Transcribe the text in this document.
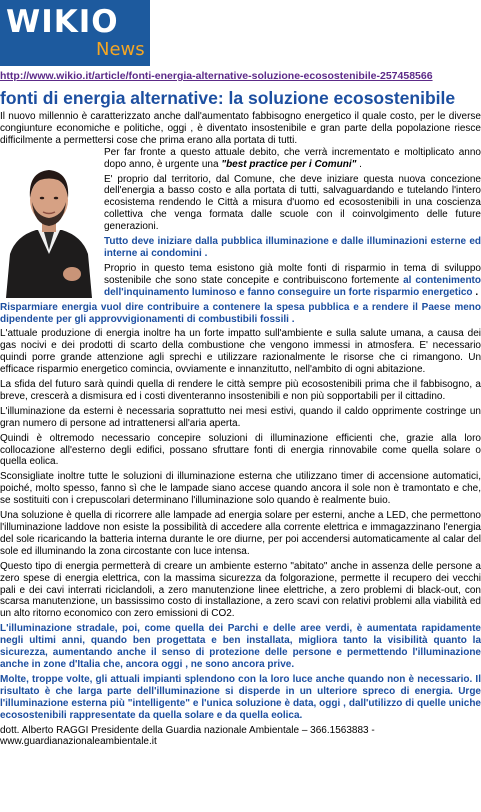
WIKIO
News
http://www.wikio.it/article/fonti-energia-alternative-soluzione-ecosostenibile-257458566
fonti di energia alternative: la soluzione ecosostenibile

Il nuovo millennio è caratterizzato anche dall'aumentato fabbisogno energetico il quale costo, per le diverse congiunture economiche e politiche, oggi , è diventato insostenibile e gran parte della popolazione riesce difficilmente a permettersi cose che prima erano alla portata di tutti.

Per far fronte a questo attuale debito, che verrà incrementato e moltiplicato anno dopo anno, è urgente una "best practice per i Comuni" .

E' proprio dal territorio, dal Comune, che deve iniziare questa nuova concezione dell'energia a basso costo e alla portata di tutti, salvaguardando e tutelando l'intero ecosistema rendendo le Città a misura d'uomo ed ecosostenibili in una coscienza collettiva che venga formata dalle scuole con il coinvolgimento delle future generazioni.

Tutto deve iniziare dalla pubblica illuminazione e dalle illuminazioni esterne ed interne ai condomini .

Proprio in questo tema esistono già molte fonti di risparmio in tema di sviluppo sostenibile che sono state concepite e contribuiscono fortemente al contenimento dell'inquinamento luminoso e fanno conseguire un forte risparmio energetico .

Risparmiare energia vuol dire contribuire a contenere la spesa pubblica e a rendere il Paese meno dipendente per gli approvvigionamenti di combustibili fossili .

L'attuale produzione di energia inoltre ha un forte impatto sull'ambiente e sulla salute umana, a causa dei gas nocivi e dei prodotti di scarto della combustione che vengono immessi in atmosfera. E' necessario quindi porre grande attenzione agli sprechi e utilizzare razionalmente le risorse che ci rimangono. Un efficace risparmio energetico comincia, ovviamente e innanzitutto, nell'ambito di ogni abitazione.

La sfida del futuro sarà quindi quella di rendere le città sempre più ecosostenibili prima che il fabbisogno, a breve, crescerà a dismisura ed i costi diventeranno insostenibili e non più sopportabili per il cittadino.

L'illuminazione da esterni è necessaria soprattutto nei mesi estivi, quando il caldo opprimente costringe un gran numero di persone ad intrattenersi all'aria aperta.

Quindi è oltremodo necessario concepire soluzioni di illuminazione efficienti che, grazie alla loro collocazione all'esterno degli edifici, possano sfruttare fonti di energia rinnovabile come quella solare o quella eolica.

Sconsigliate inoltre tutte le soluzioni di illuminazione esterna che utilizzano timer di accensione automatici, poiché, molto spesso, fanno sì che le lampade siano accese quando ancora il sole non è tramontato e che, se sostituiti con i crepuscolari determinano l'illuminazione solo quando è realmente buio.

Una soluzione è quella di ricorrere alle lampade ad energia solare per esterni, anche a LED, che permettono l'illuminazione laddove non esiste la possibilità di accedere alla corrente elettrica e immagazzinano l'energia del sole ricaricando la batteria interna durante le ore diurne, per poi accendersi automaticamente al calar del sole ed illuminando la zona circostante con luce intensa.

Questo tipo di energia permetterà di creare un ambiente esterno "abitato" anche in assenza delle persone a zero spese di energia elettrica, con la massima sicurezza da folgorazione, permette il recupero dei vecchi pali e dei cavi interrati riciclandoli, a zero manutenzione linee elettriche, a zero problemi di black-out, con scarsa manutenzione, un bassissimo costo di installazione, a zero scavi con relativi problemi alla viabilità ed un alto ritorno economico con zero emissioni di CO2.

L'illuminazione stradale, poi, come quella dei Parchi e delle aree verdi, è aumentata rapidamente negli ultimi anni, quando ben progettata e ben installata, migliora tanto la visibilità quanto la sicurezza, aumentando anche il senso di protezione delle persone e permettendo l'illuminazione anche in zone d'Italia che, ancora oggi , ne sono ancora prive.

Molte, troppe volte, gli attuali impianti splendono con la loro luce anche quando non è necessario. Il risultato è che larga parte dell'illuminazione si disperde in un ulteriore spreco di energia. Urge l'illuminazione esterna più "intelligente" e l'unica soluzione è data, oggi , dall'utilizzo di quelle uniche ecosostenibili rappresentate da quella solare e da quella eolica.

dott. Alberto RAGGI Presidente della Guardia nazionale Ambientale – 366.1563883 -

www.guardianazionaleambientale.it
